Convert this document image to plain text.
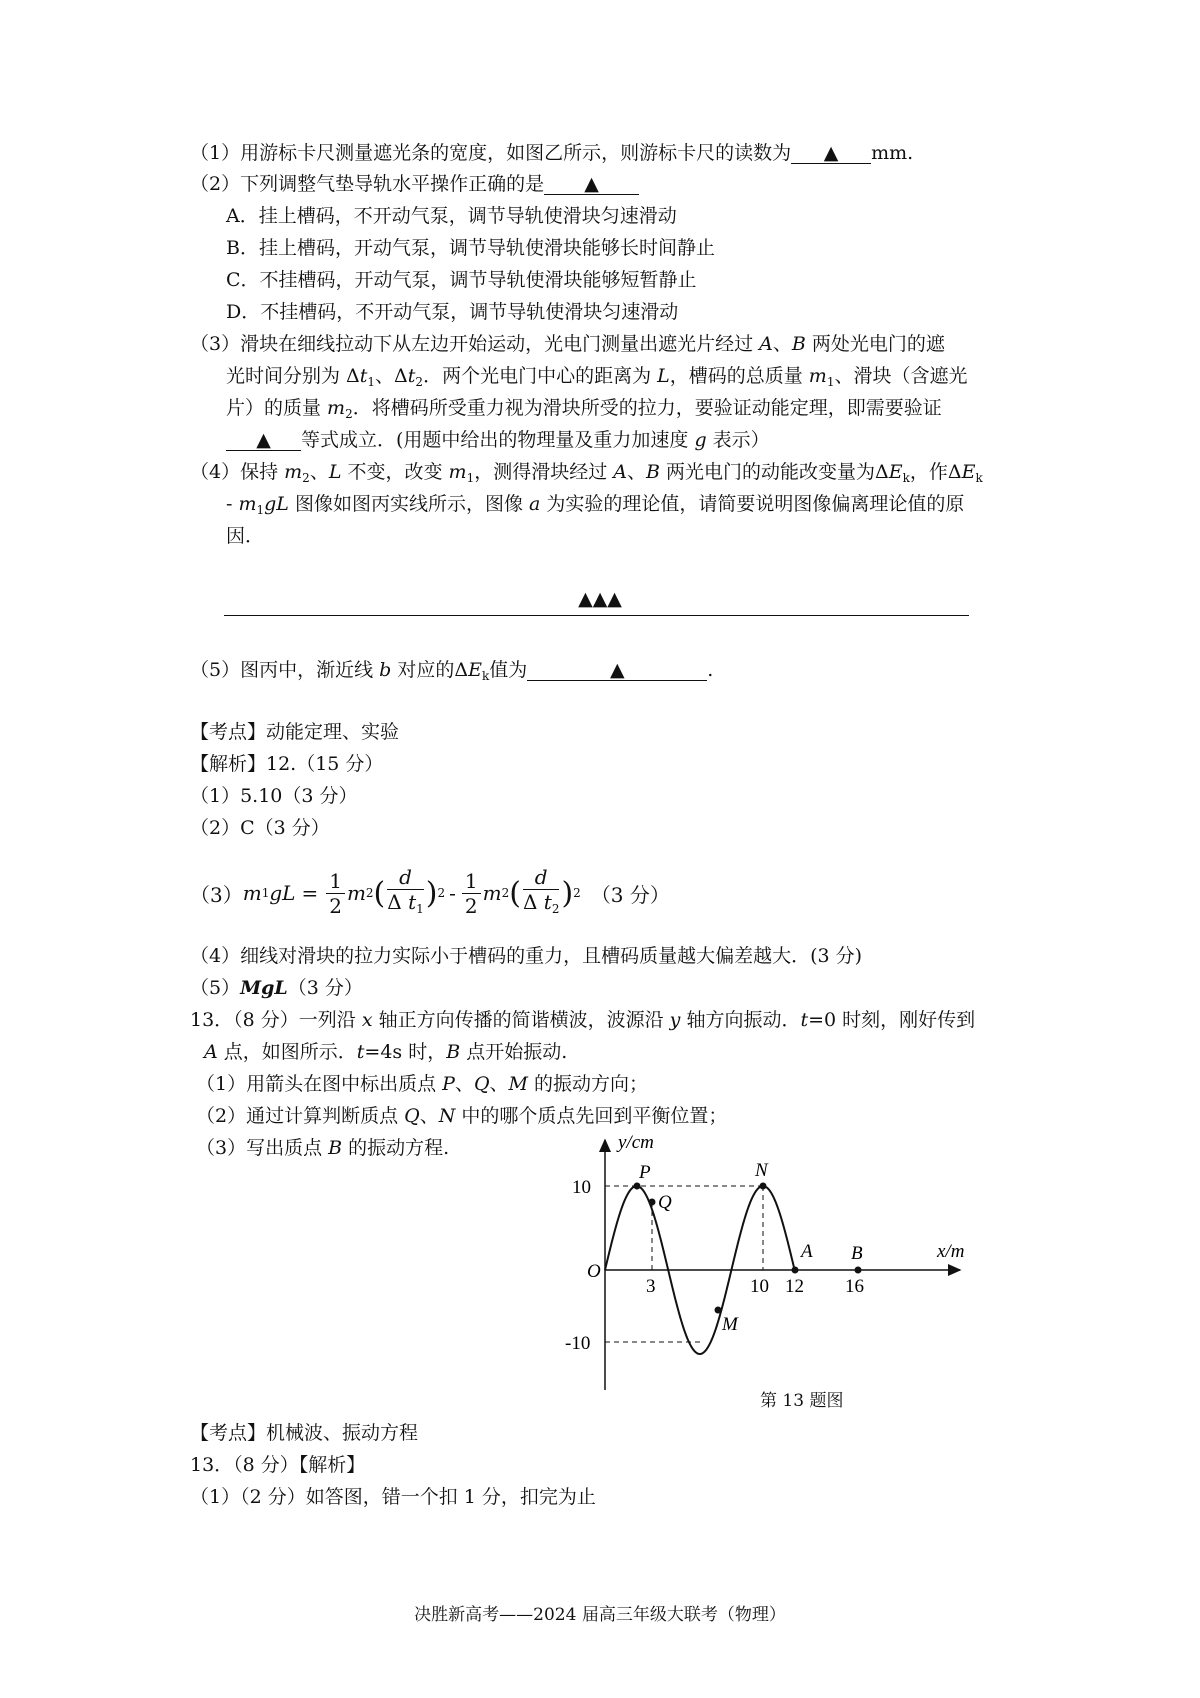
（1）用游标卡尺测量遮光条的宽度，如图乙所示，则游标卡尺的读数为 ▲ mm.
（2）下列调整气垫导轨水平操作正确的是 ▲
A．挂上槽码，不开动气泵，调节导轨使滑块匀速滑动
B．挂上槽码，开动气泵，调节导轨使滑块能够长时间静止
C．不挂槽码，开动气泵，调节导轨使滑块能够短暂静止
D．不挂槽码，不开动气泵，调节导轨使滑块匀速滑动
（3）滑块在细线拉动下从左边开始运动，光电门测量出遮光片经过 A、B 两处光电门的遮
光时间分别为 $\Delta t_1$、$\Delta t_2$．两个光电门中心的距离为 L，槽码的总质量 $m_1$、滑块（含遮光
片）的质量 $m_2$．将槽码所受重力视为滑块所受的拉力，要验证动能定理，即需要验证
▲ 等式成立．(用题中给出的物理量及重力加速度 g 表示）
（4）保持 $m_2$、L 不变，改变 $m_1$，测得滑块经过 A、B 两光电门的动能改变量为$\Delta E_k$，作$\Delta E_k$
- $m_1gL$ 图像如图丙实线所示，图像 a 为实验的理论值，请简要说明图像偏离理论值的原
因．
▲▲▲
（5）图丙中，渐近线 b 对应的$\Delta E_k$值为	▲	.
【考点】动能定理、实验
【解析】12.（15 分）
（1）5.10（3 分）
（2）C（3 分）
（3） m 1 gL = $\frac{1}{2}$ m 2 ( $\frac{d}{\Delta t_1}$ ) $2 - \frac{1}{2}$ m 2 ( $\frac{d}{\Delta t_2}$ ) 2 （3 分）
（4）细线对滑块的拉力实际小于槽码的重力，且槽码质量越大偏差越大．(3 分)
（5）MgL（3 分）
13．（8 分）一列沿 x 轴正方向传播的简谐横波，波源沿 y 轴方向振动．t=0 时刻，刚好传到
A 点，如图所示．t=4s 时，B 点开始振动.
（1）用箭头在图中标出质点 P、Q、M 的振动方向；
（2）通过计算判断质点 Q、N 中的哪个质点先回到平衡位置；
（3）写出质点 B 的振动方程.	y/cm
x/m
O
10
-10
3	10 12 16
P
Q
N
A B
M
第 13 题图
【考点】机械波、振动方程
13．（8 分）【解析】
（1）（2 分）如答图，错一个扣 1 分，扣完为止
决胜新高考——2024 届高三年级大联考（物理）
